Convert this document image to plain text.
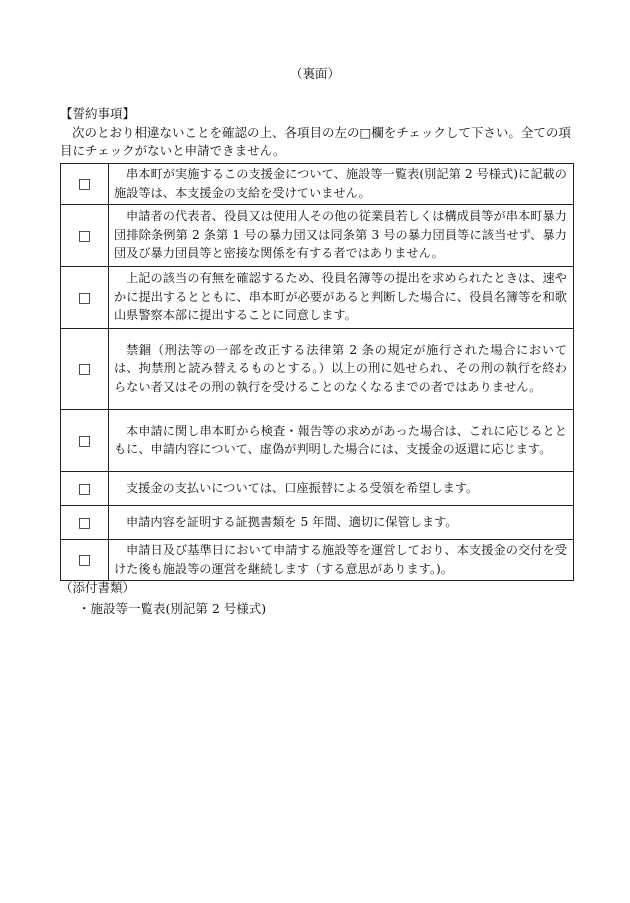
（裏面）
【誓約事項】
次のとおり相違ないことを確認の上、各項目の左の□欄をチェックして下さい。全ての項目にチェックがないと申請できません。
□	串本町が実施するこの支援金について、施設等一覧表(別記第 2 号様式)に記載の施設等は、本支援金の支給を受けていません。
□	申請者の代表者、役員又は使用人その他の従業員若しくは構成員等が串本町暴力団排除条例第 2 条第 1 号の暴力団又は同条第 3 号の暴力団員等に該当せず、暴力団及び暴力団員等と密接な関係を有する者ではありません。
□	上記の該当の有無を確認するため、役員名簿等の提出を求められたときは、速やかに提出するとともに、串本町が必要があると判断した場合に、役員名簿等を和歌山県警察本部に提出することに同意します。
□	禁錮（刑法等の一部を改正する法律第 2 条の規定が施行された場合においては、拘禁刑と読み替えるものとする。）以上の刑に処せられ、その刑の執行を終わらない者又はその刑の執行を受けることのなくなるまでの者ではありません。
□	本申請に関し串本町から検査・報告等の求めがあった場合は、これに応じるとともに、申請内容について、虚偽が判明した場合には、支援金の返還に応じます。
□	支援金の支払いについては、口座振替による受領を希望します。
□	申請内容を証明する証拠書類を 5 年間、適切に保管します。
□	申請日及び基準日において申請する施設等を運営しており、本支援金の交付を受けた後も施設等の運営を継続します（する意思があります。)。
（添付書類）
・施設等一覧表(別記第 2 号様式)
